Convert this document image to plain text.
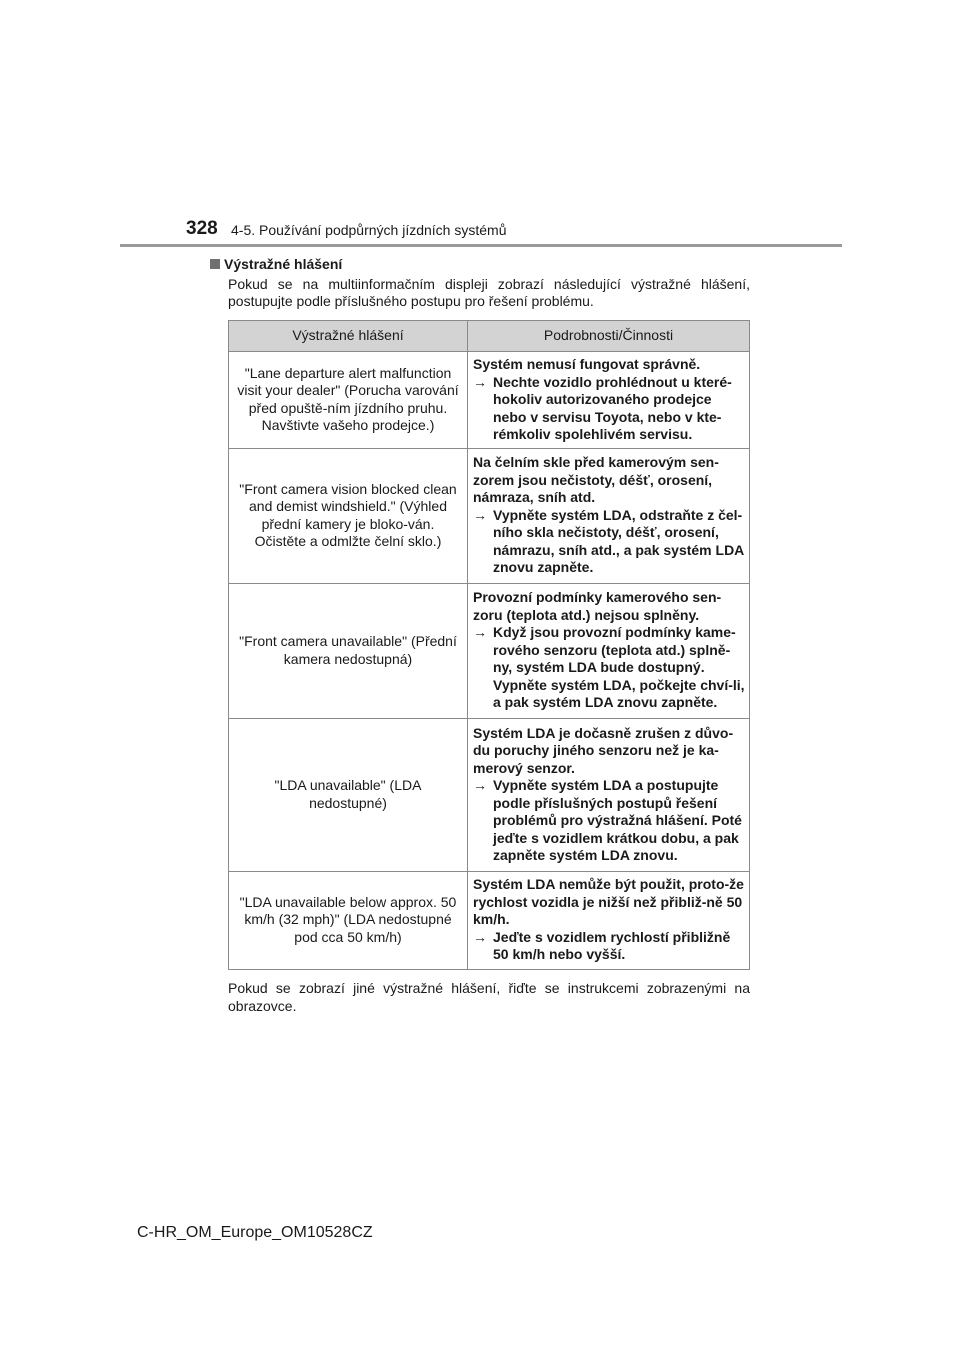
328 4-5. Používání podpůrných jízdních systémů
Výstražné hlášení
Pokud se na multiinformačním displeji zobrazí následující výstražné hlášení, postupujte podle příslušného postupu pro řešení problému.
Výstražné hlášení	Podrobnosti/Činnosti
"Lane departure alert malfunction visit your dealer" (Porucha varování před opuště-ním jízdního pruhu. Navštivte vašeho prodejce.)	Systém nemusí fungovat správně.
→ Nechte vozidlo prohlédnout u které-hokoliv autorizovaného prodejce nebo v servisu Toyota, nebo v kte-rémkoliv spolehlivém servisu.

"Front camera vision blocked clean and demist windshield." (Výhled přední kamery je bloko-ván. Očistěte a odmlžte čelní sklo.)	Na čelním skle před kamerovým sen-zorem jsou nečistoty, déšť, orosení, námraza, sníh atd.
→ Vypněte systém LDA, odstraňte z čel-ního skla nečistoty, déšť, orosení, námrazu, sníh atd., a pak systém LDA znovu zapněte.

"Front camera unavailable" (Přední kamera nedostupná)	Provozní podmínky kamerového sen-zoru (teplota atd.) nejsou splněny.
→ Když jsou provozní podmínky kame-rového senzoru (teplota atd.) splně-ny, systém LDA bude dostupný. Vypněte systém LDA, počkejte chví-li, a pak systém LDA znovu zapněte.

"LDA unavailable" (LDA nedostupné)	Systém LDA je dočasně zrušen z důvo-du poruchy jiného senzoru než je ka-merový senzor.
→ Vypněte systém LDA a postupujte podle příslušných postupů řešení problémů pro výstražná hlášení. Poté jeďte s vozidlem krátkou dobu, a pak zapněte systém LDA znovu.

"LDA unavailable below approx. 50 km/h (32 mph)" (LDA nedostupné pod cca 50 km/h)	Systém LDA nemůže být použit, proto-že rychlost vozidla je nižší než přibliž-ně 50 km/h.
→ Jeďte s vozidlem rychlostí přibližně 50 km/h nebo vyšší.
Pokud se zobrazí jiné výstražné hlášení, řiďte se instrukcemi zobrazenými na obrazovce.
C-HR_OM_Europe_OM10528CZ
